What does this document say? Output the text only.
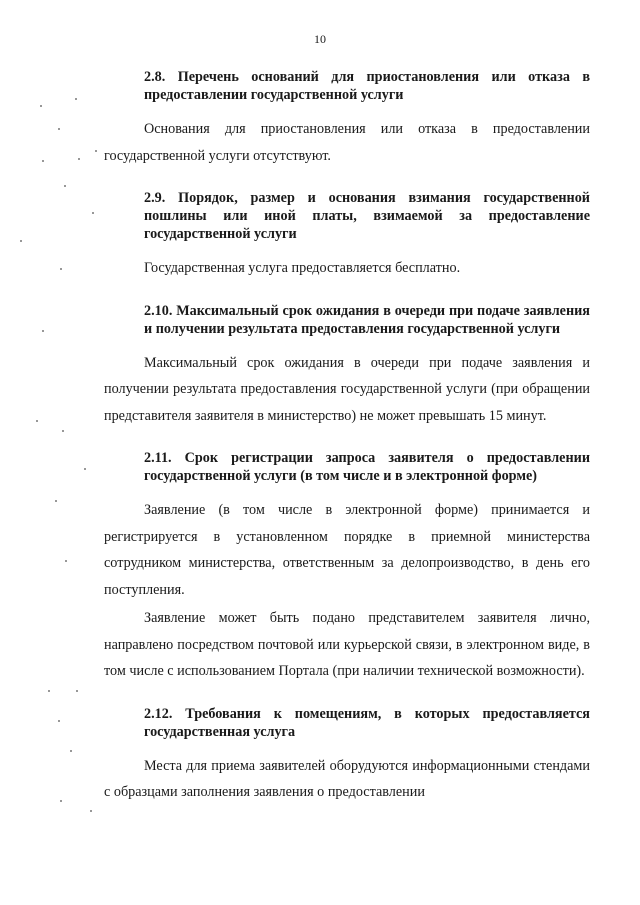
10

2.8. Перечень оснований для приостановления или отказа в предоставлении государственной услуги

Основания для приостановления или отказа в предоставлении государственной услуги отсутствуют.

2.9. Порядок, размер и основания взимания государственной пошлины или иной платы, взимаемой за предоставление государственной услуги

Государственная услуга предоставляется бесплатно.

2.10. Максимальный срок ожидания в очереди при подаче заявления и получении результата предоставления государственной услуги

Максимальный срок ожидания в очереди при подаче заявления и получении результата предоставления государственной услуги (при обращении представителя заявителя в министерство) не может превышать 15 минут.

2.11. Срок регистрации запроса заявителя о предоставлении государственной услуги (в том числе и в электронной форме)

Заявление (в том числе в электронной форме) принимается и регистрируется в установленном порядке в приемной министерства сотрудником министерства, ответственным за делопроизводство, в день его поступления.

Заявление может быть подано представителем заявителя лично, направлено посредством почтовой или курьерской связи, в электронном виде, в том числе с использованием Портала (при наличии технической возможности).

2.12. Требования к помещениям, в которых предоставляется государственная услуга

Места для приема заявителей оборудуются информационными стендами с образцами заполнения заявления о предоставлении
